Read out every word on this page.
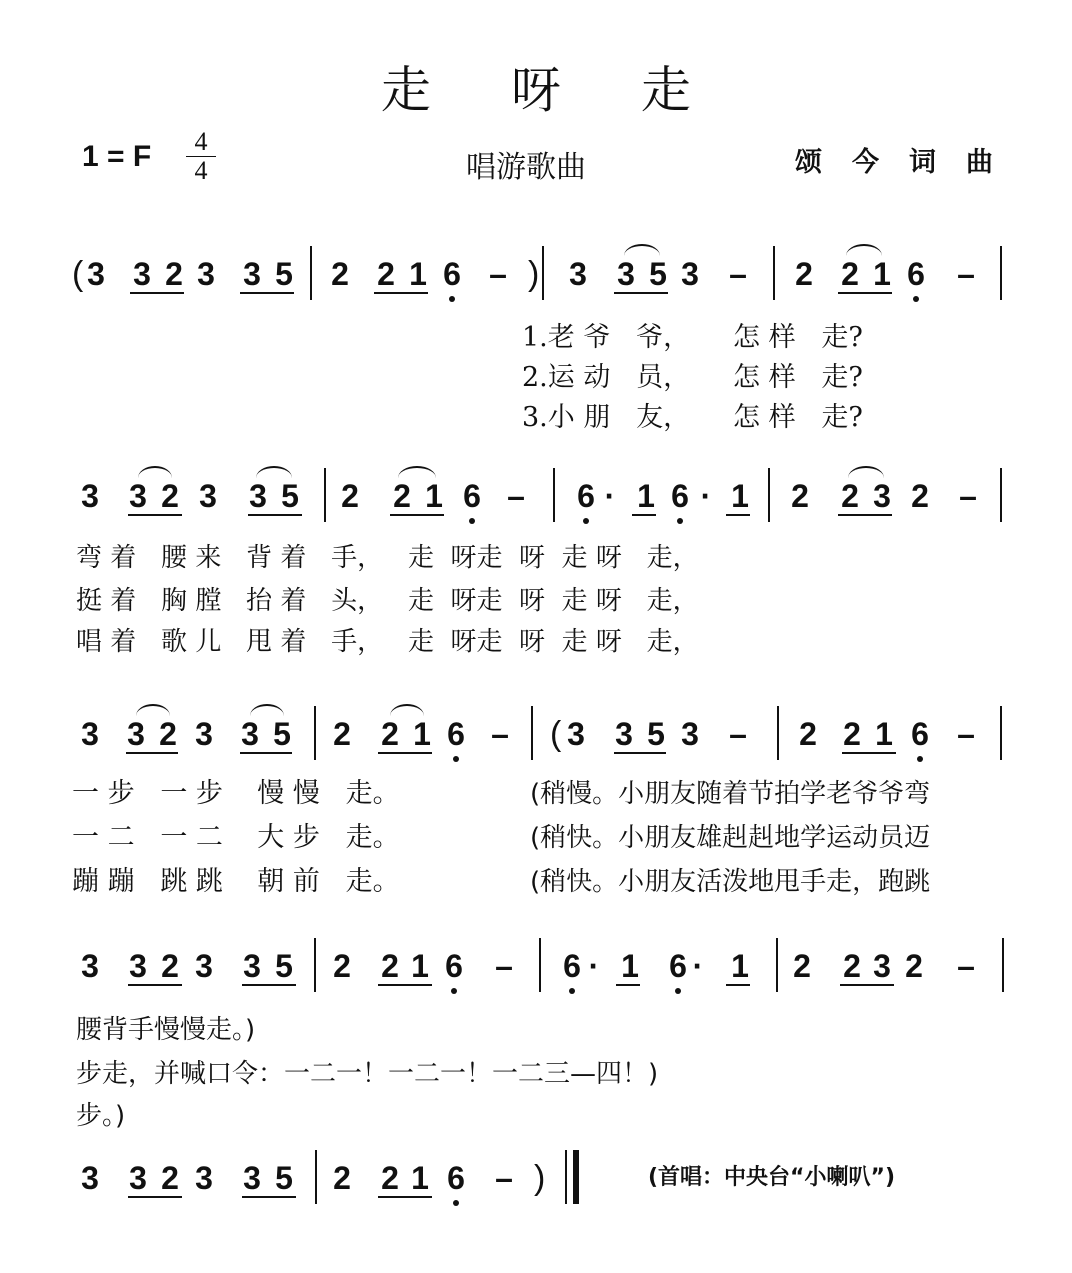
走呀走
1 = F	4
4	唱游歌曲	颂今词曲
( 3 3 2 3 3 5 2 2 1 6 – ) 3 3 5 3 – 2 2 1 6 –
3 3 2 3 3 5 2 2 1 6 – 6 · 1 6 · 1 2 2 3 2 –
3 3 2 3 3 5 2 2 1 6 – ( 3 3 5 3 – 2 2 1 6 –
3 3 2 3 3 5 2 2 1 6 – 6 · 1 6 · 1 2 2 3 2 –
3 3 2 3 3 5 2 2 1 6 – )
1.老 爷   爷，     怎 样   走?
2.运 动   员，     怎 样   走?
3.小 朋   友，     怎 样   走?
弯 着   腰 来   背 着   手，   走  呀走  呀  走 呀   走，
挺 着   胸 膛   抬 着   头，   走  呀走  呀  走 呀   走，
唱 着   歌 儿   甩 着   手，   走  呀走  呀  走 呀   走，
一 步   一 步    慢 慢   走。
一 二   一 二    大 步   走。
蹦 蹦   跳 跳    朝 前   走。
(稍慢。小朋友随着节拍学老爷爷弯
(稍快。小朋友雄赳赳地学运动员迈
(稍快。小朋友活泼地甩手走，跑跳
腰背手慢慢走。)
步走，并喊口令：一二一！一二一！一二三—四！)
步。)
(首唱：中央台“小喇叭”)
